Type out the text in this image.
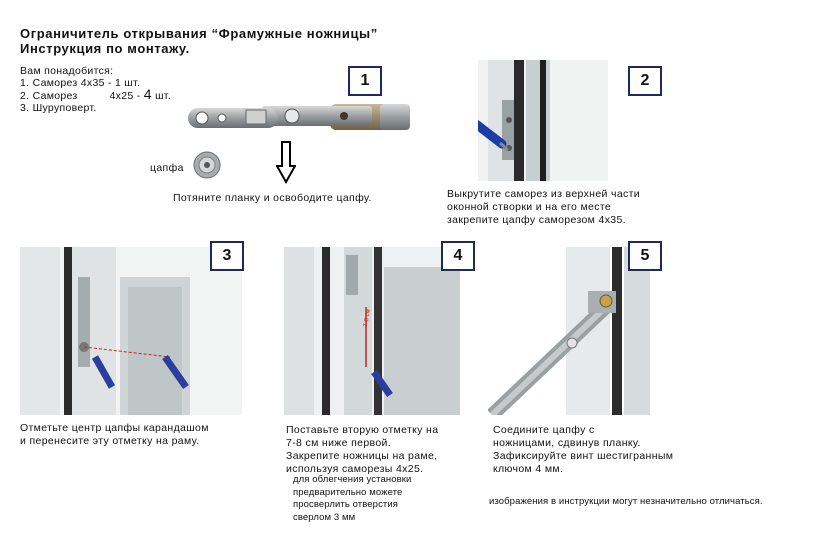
Ограничитель открывания “Фрамужные ножницы”
Инструкция по монтажу.
Вам понадобится:
1. Саморез 4х35 - 1 шт.
2. Саморез	4х25 - 4 шт.
3. Шуруповерт.
1
цапфа
Потяните планку и освободите цапфу.
2
Выкрутите саморез из верхней части
оконной створки и на его месте
закрепите цапфу саморезом 4х35.
3
Отметьте центр цапфы карандашом
и перенесите эту отметку на раму.
7-8 см
4
Поставьте вторую отметку на
7-8 см ниже первой.
Закрепите ножницы на раме,
используя саморезы 4х25.
для облегчения установки
предварительно можете
просверлить отверстия
сверлом 3 мм
5
Соедините цапфу с
ножницами, сдвинув планку.
Зафиксируйте винт шестигранным
ключом 4 мм.
изображения в инструкции могут незначительно отличаться.
